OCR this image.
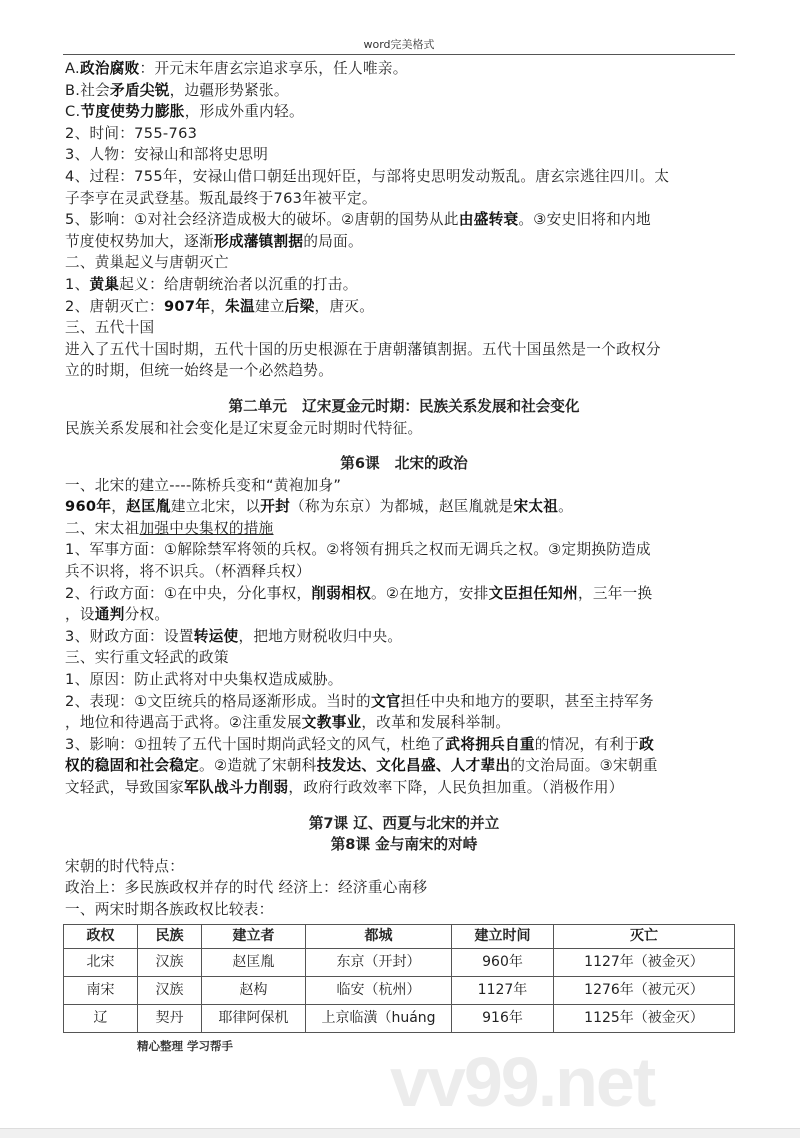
word完美格式
A.政治腐败：开元末年唐玄宗追求享乐，任人唯亲。
B.社会矛盾尖锐，边疆形势紧张。
C.节度使势力膨胀，形成外重内轻。
2、时间：755-763
3、人物：安禄山和部将史思明
4、过程：755年，安禄山借口朝廷出现奸臣，与部将史思明发动叛乱。唐玄宗逃往四川。太
子李亨在灵武登基。叛乱最终于763年被平定。
5、影响：①对社会经济造成极大的破坏。②唐朝的国势从此由盛转衰。③安史旧将和内地
节度使权势加大，逐渐形成藩镇割据的局面。
二、黄巢起义与唐朝灭亡
1、黄巢起义：给唐朝统治者以沉重的打击。
2、唐朝灭亡：907年，朱温建立后梁，唐灭。
三、五代十国
进入了五代十国时期，五代十国的历史根源在于唐朝藩镇割据。五代十国虽然是一个政权分
立的时期，但统一始终是一个必然趋势。
第二单元   辽宋夏金元时期：民族关系发展和社会变化
民族关系发展和社会变化是辽宋夏金元时期时代特征。
第6课   北宋的政治
一、北宋的建立----陈桥兵变和“黄袍加身”
960年，赵匡胤建立北宋，以开封（称为东京）为都城，赵匡胤就是宋太祖。
二、宋太祖加强中央集权的措施
1、军事方面：①解除禁军将领的兵权。②将领有拥兵之权而无调兵之权。③定期换防造成
兵不识将，将不识兵。（杯酒释兵权）
2、行政方面：①在中央，分化事权，削弱相权。②在地方，安排文臣担任知州，三年一换
，设通判分权。
3、财政方面：设置转运使，把地方财税收归中央。
三、实行重文轻武的政策
1、原因：防止武将对中央集权造成威胁。
2、表现：①文臣统兵的格局逐渐形成。当时的文官担任中央和地方的要职，甚至主持军务
，地位和待遇高于武将。②注重发展文教事业，改革和发展科举制。
3、影响：①扭转了五代十国时期尚武轻文的风气，杜绝了武将拥兵自重的情况，有利于政
权的稳固和社会稳定。②造就了宋朝科技发达、文化昌盛、人才辈出的文治局面。③宋朝重
文轻武，导致国家军队战斗力削弱，政府行政效率下降，人民负担加重。（消极作用）
第7课 辽、西夏与北宋的并立
第8课 金与南宋的对峙
宋朝的时代特点：
政治上：多民族政权并存的时代 经济上：经济重心南移
一、两宋时期各族政权比较表：
政权	民族	建立者	都城	建立时间	灭亡
北宋	汉族	赵匡胤	东京（开封）	960年	1127年（被金灭）
南宋	汉族	赵构	临安（杭州）	1127年	1276年（被元灭）
辽	契丹	耶律阿保机	上京临潢（huáng	916年	1125年（被金灭）
精心整理 学习帮手	vv99.net
